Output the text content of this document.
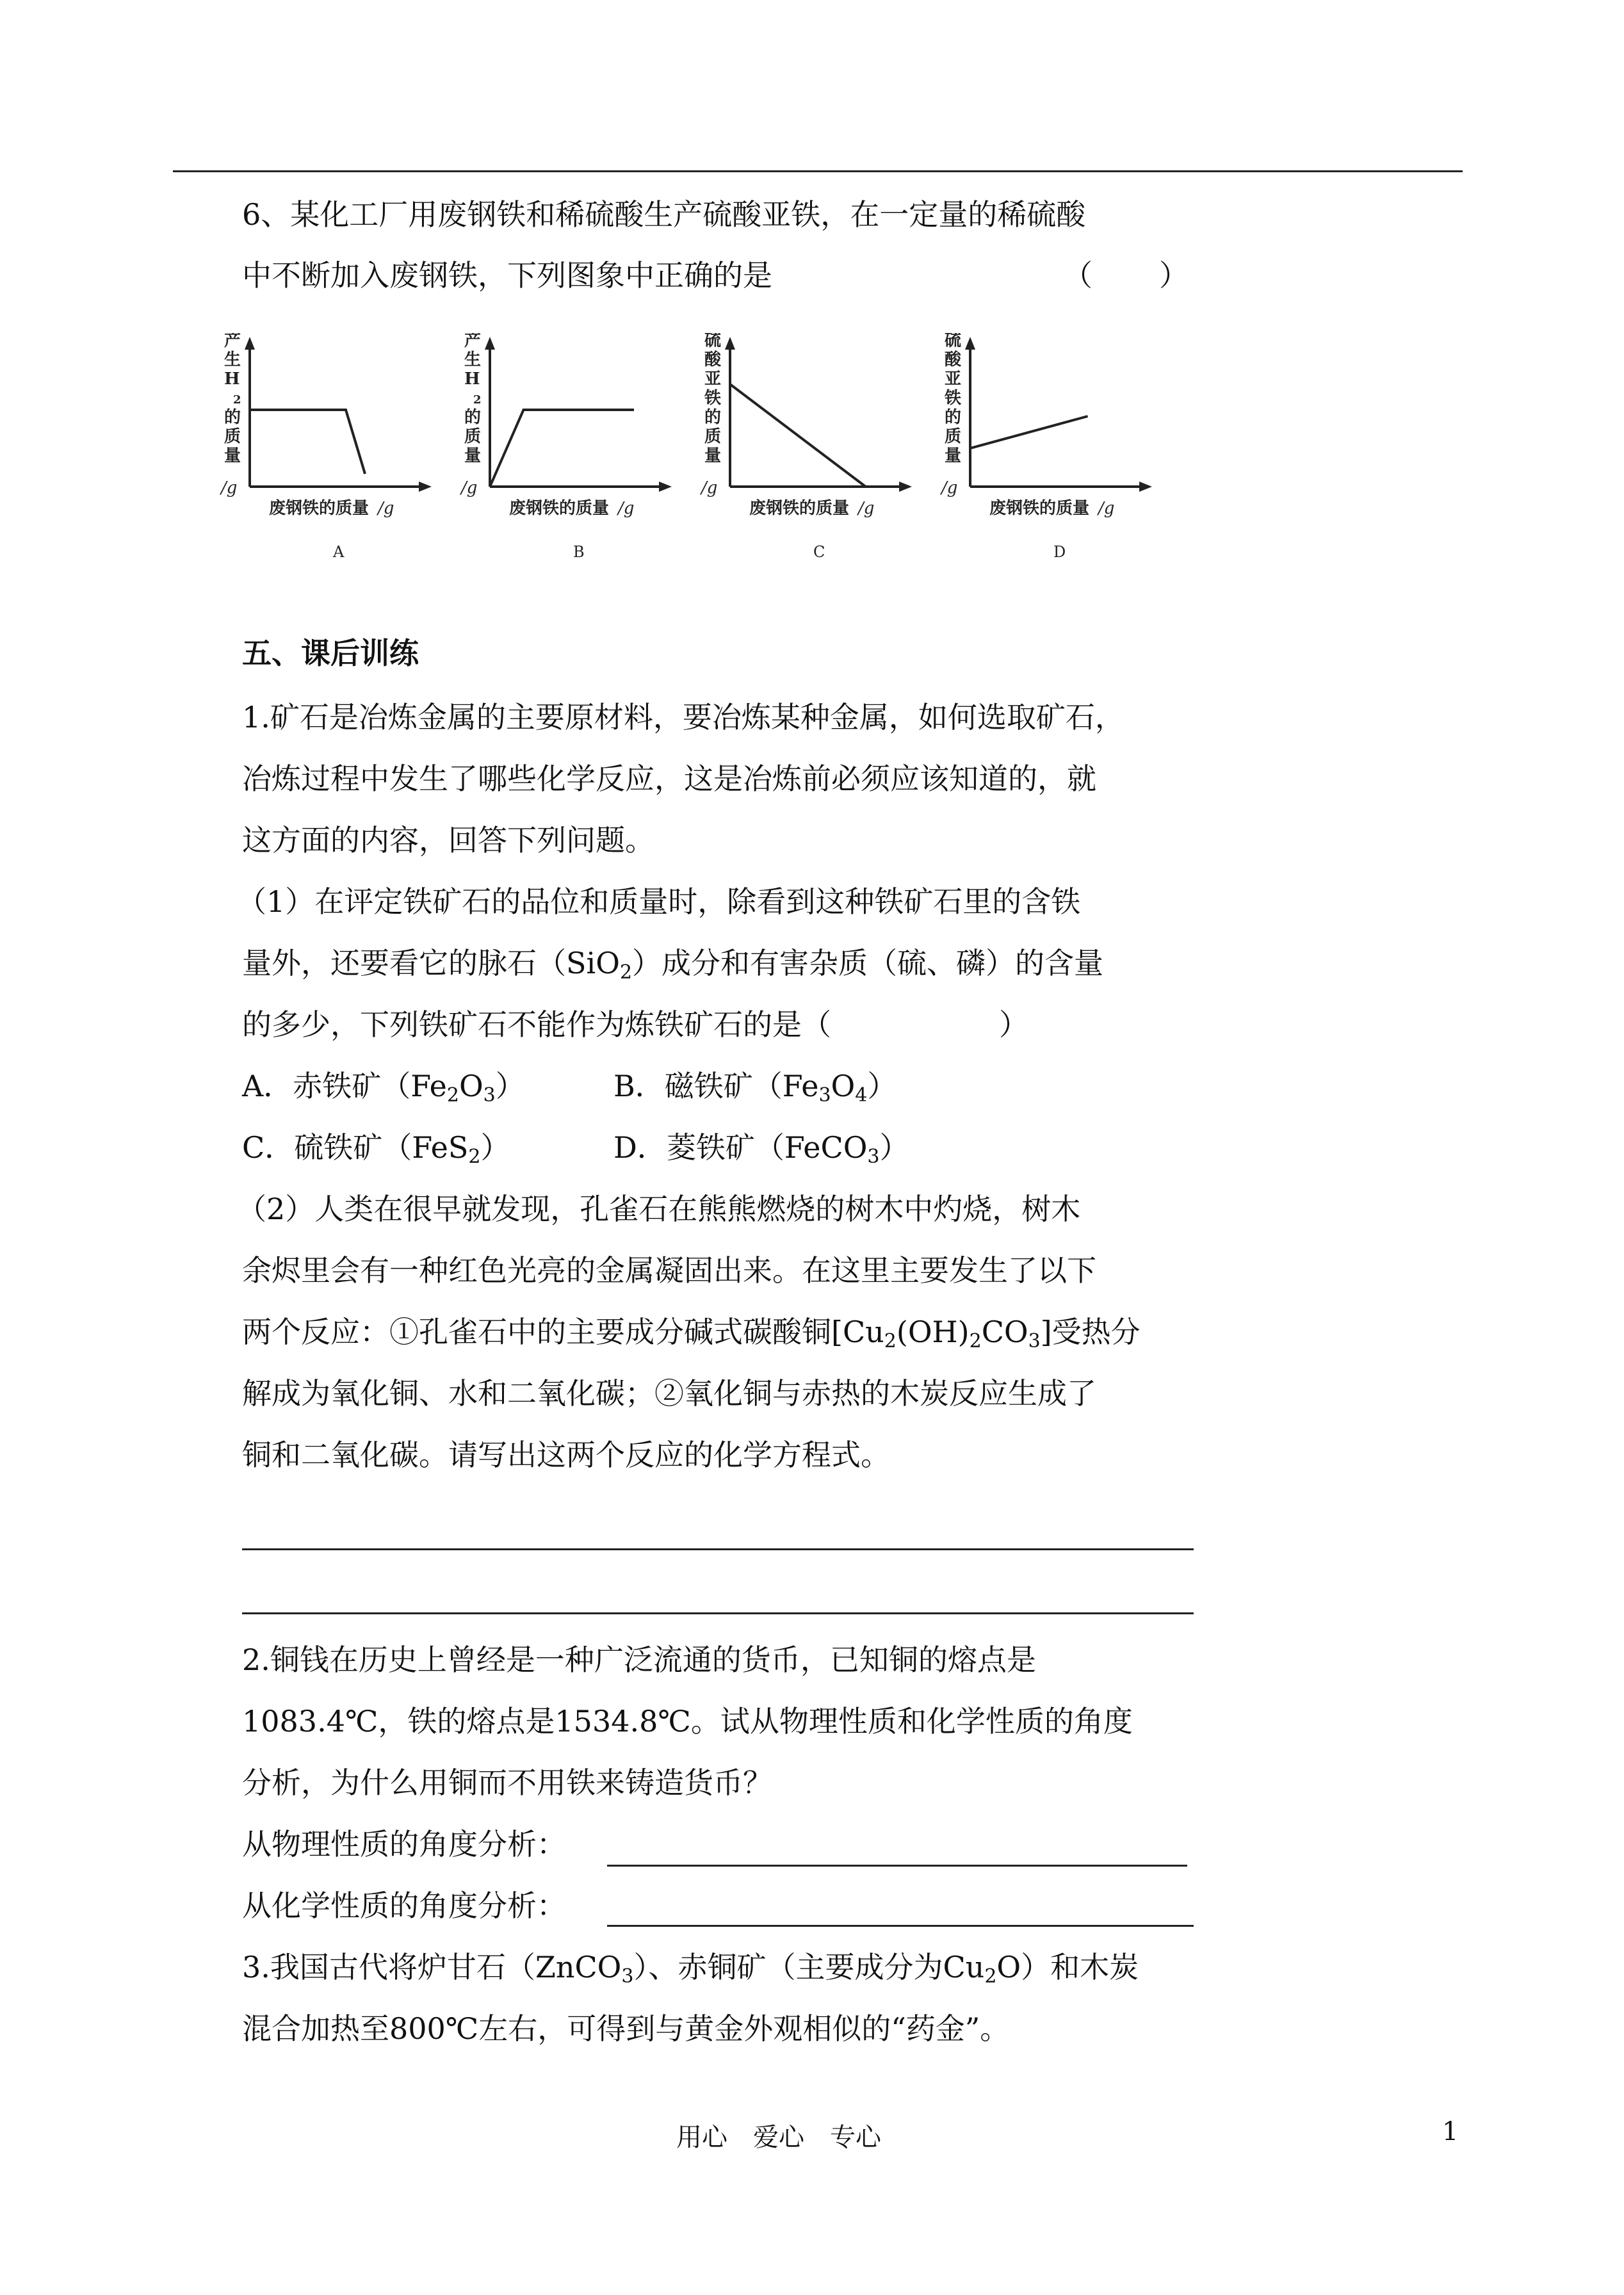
6、某化工厂用废钢铁和稀硫酸生产硫酸亚铁，在一定量的稀硫酸
中不断加入废钢铁，下列图象中正确的是	（ ）
产
生
H
2
的
质
量
/g
废钢铁的质量 /g
A
产
生
H
2
的
质
量
/g
废钢铁的质量 /g
B
硫
酸
亚
铁
的
质
量
/g
废钢铁的质量 /g
C
硫
酸
亚
铁
的
质
量
/g
废钢铁的质量 /g
D
五、课后训练
1.矿石是冶炼金属的主要原材料，要冶炼某种金属，如何选取矿石，
冶炼过程中发生了哪些化学反应，这是冶炼前必须应该知道的，就
这方面的内容，回答下列问题。
（1）在评定铁矿石的品位和质量时，除看到这种铁矿石里的含铁
量外，还要看它的脉石（SiO$_2$）成分和有害杂质（硫、磷）的含量
的多少，下列铁矿石不能作为炼铁矿石的是（	）
A．赤铁矿$(Fe_2O_3)$	B．磁铁矿$(Fe_3O_4)$
C．硫铁矿（FeS$_2$）	D．菱铁矿（FeCO$_3$）
（2）人类在很早就发现，孔雀石在熊熊燃烧的树木中灼烧，树木
余烬里会有一种红色光亮的金属凝固出来。在这里主要发生了以下
两个反应：①孔雀石中的主要成分碱式碳酸铜$[Cu_2(OH)_2CO_3]$受热分
解成为氧化铜、水和二氧化碳；②氧化铜与赤热的木炭反应生成了
铜和二氧化碳。请写出这两个反应的化学方程式。
2.铜钱在历史上曾经是一种广泛流通的货币，已知铜的熔点是
1083.4℃，铁的熔点是1534.8℃。试从物理性质和化学性质的角度
分析，为什么用铜而不用铁来铸造货币？
从物理性质的角度分析：
从化学性质的角度分析：
3.我国古代将炉甘石（ZnCO$_3$）、赤铜矿（主要成分为$Cu_2O$）和木炭
混合加热至800℃左右，可得到与黄金外观相似的“药金”。
用心　爱心　专心	1
